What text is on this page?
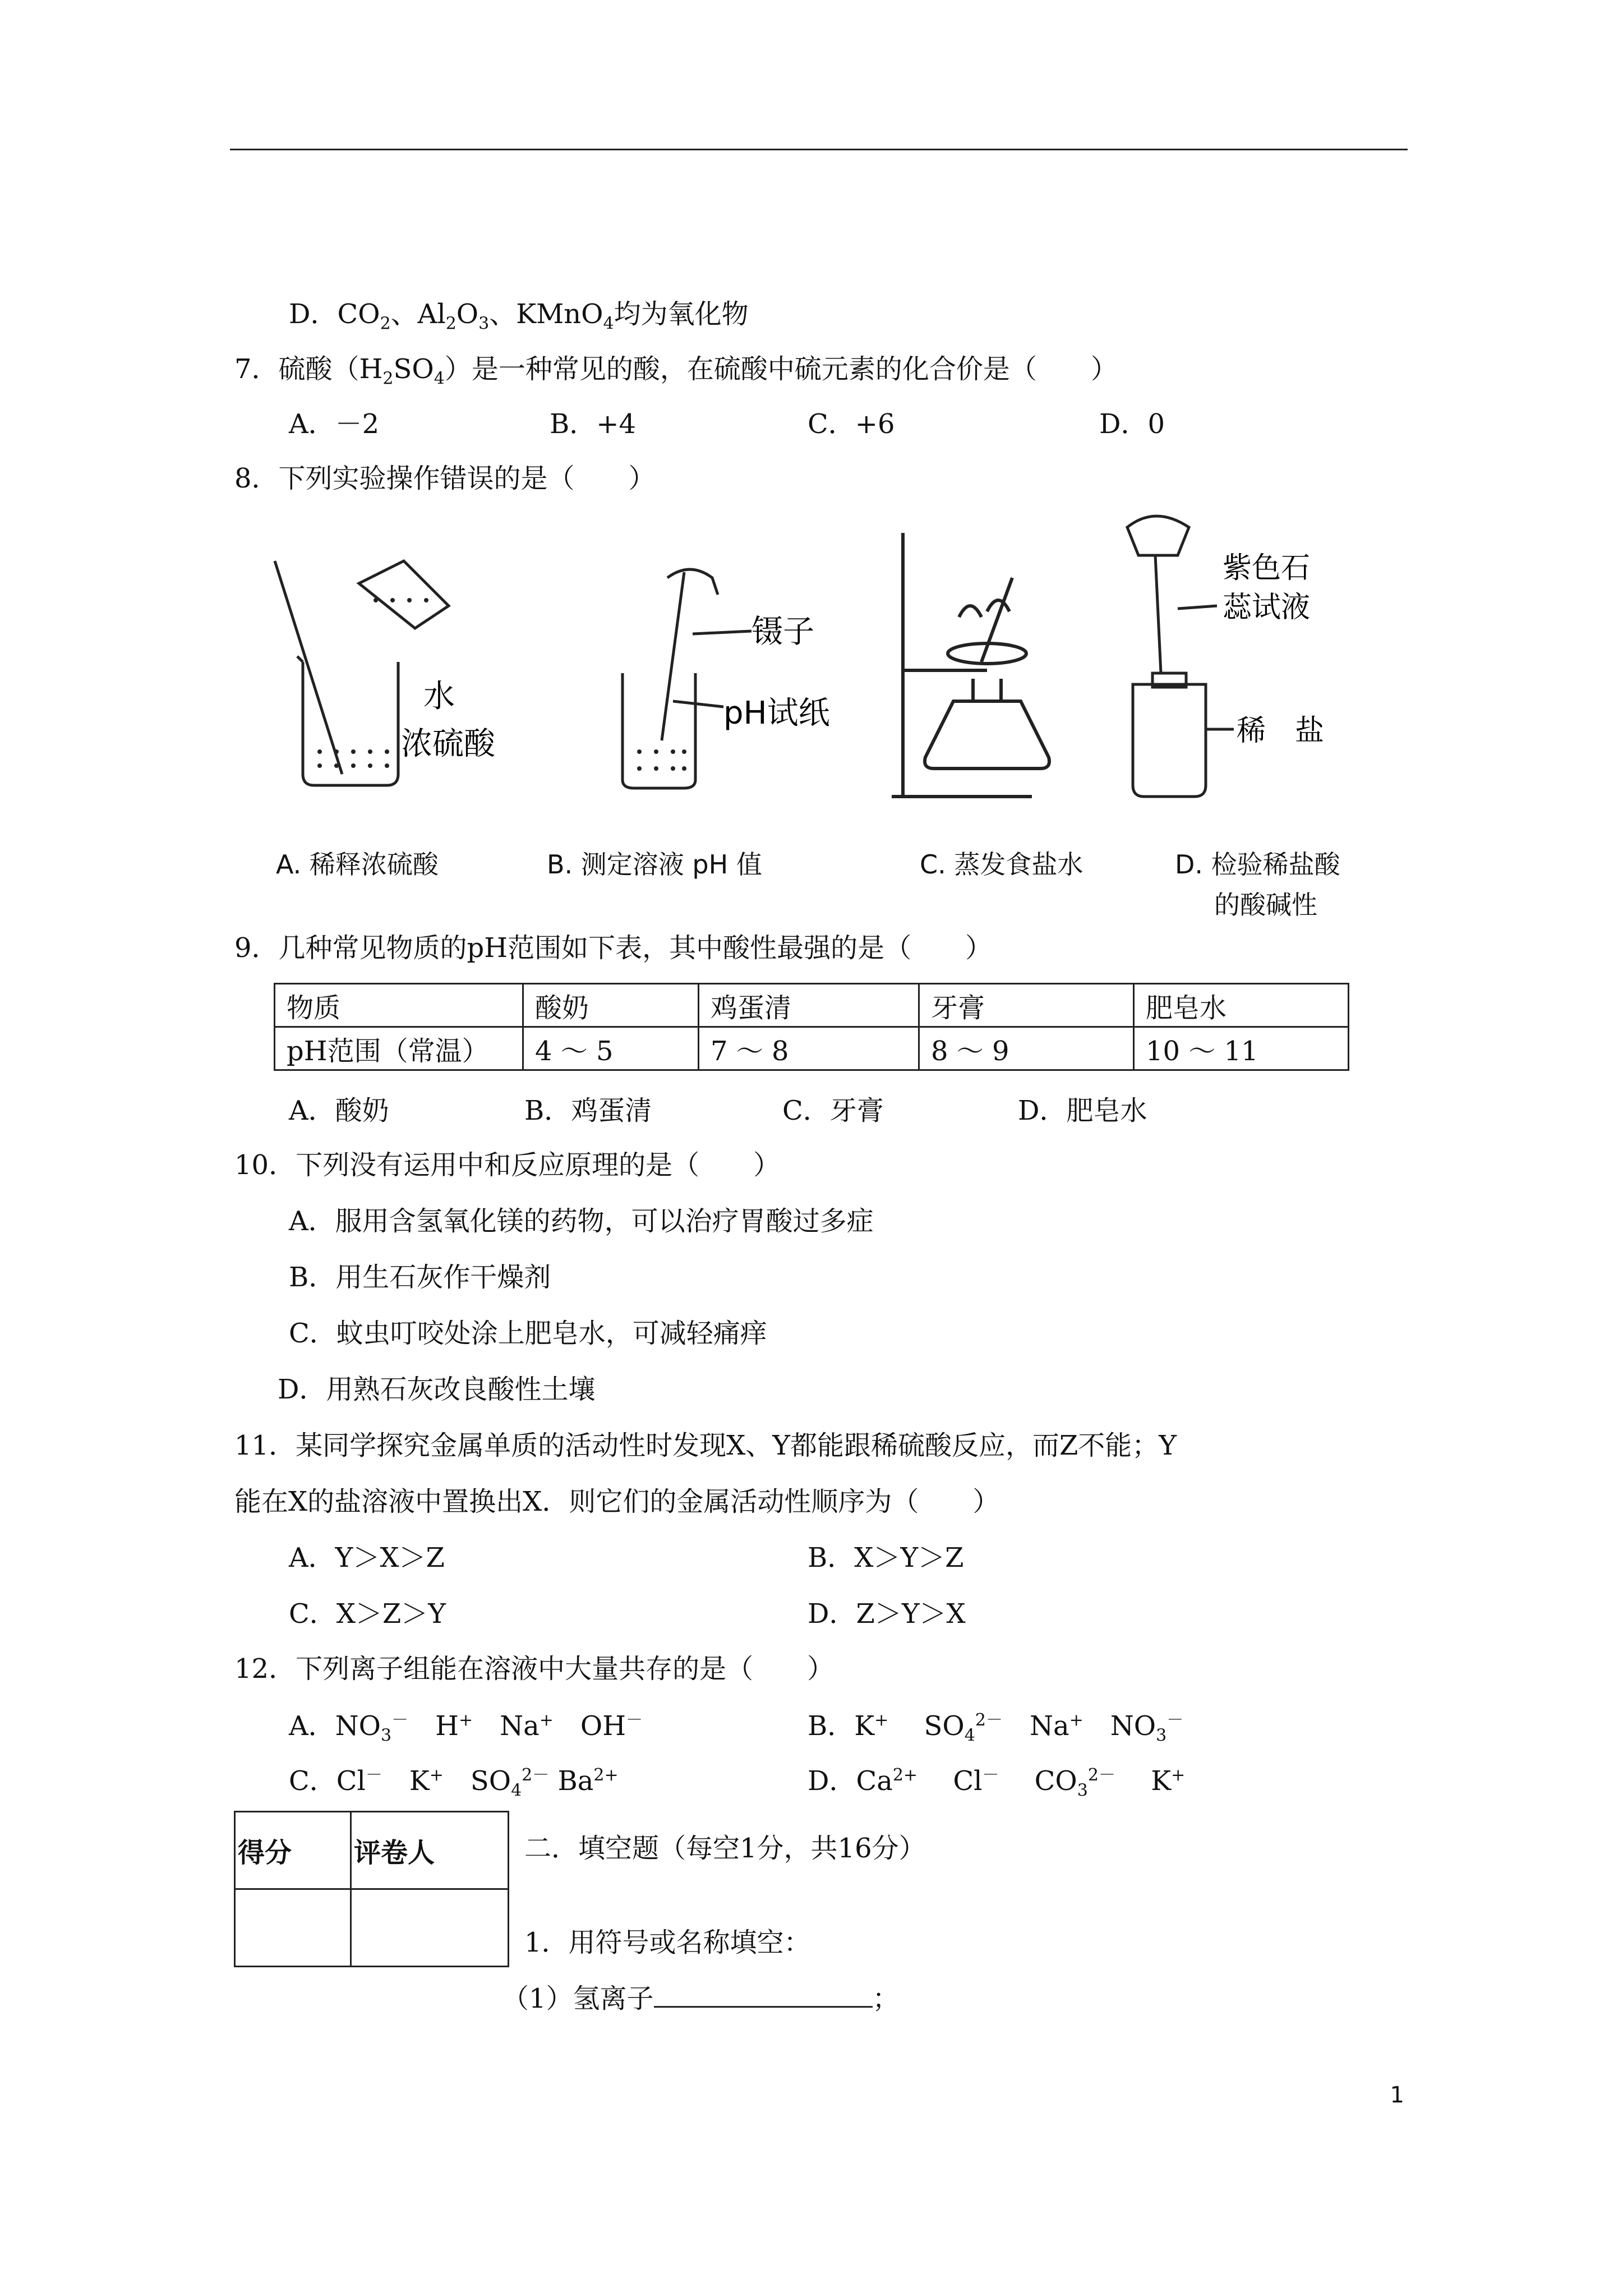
D．$CO_2$、$Al_2O_3$、KMnO$_4$均为氧化物
7．硫酸$(H_2SO_4)$是一种常见的酸，在硫酸中硫元素的化合价是（　　）
A．－2	B．+4	C．+6	D．0
8．下列实验操作错误的是（　　）
水
浓硫酸
镊子
pH试纸
紫色石
蕊试液
稀　盐
A. 稀释浓硫酸	B. 测定溶液 pH 值	C. 蒸发食盐水	D. 检验稀盐酸
的酸碱性
9．几种常见物质的pH范围如下表，其中酸性最强的是（　　）
物质	酸奶	鸡蛋清	牙膏	肥皂水
pH范围（常温）	4 ～ 5	7 ～ 8	8 ～ 9	10 ～ 11
A．酸奶	B．鸡蛋清	C．牙膏	D．肥皂水
10．下列没有运用中和反应原理的是（　　）
A．服用含氢氧化镁的药物，可以治疗胃酸过多症
B．用生石灰作干燥剂
C．蚊虫叮咬处涂上肥皂水，可减轻痛痒
D．用熟石灰改良酸性土壤
11．某同学探究金属单质的活动性时发现X、Y都能跟稀硫酸反应，而Z不能；Y
能在X的盐溶液中置换出X．则它们的金属活动性顺序为（　　）
A．Y＞X＞Z	B．X＞Y＞Z
C．X＞Z＞Y	D．Z＞Y＞X
12．下列离子组能在溶液中大量共存的是（　　）
A．$NO_3^-$　H+　Na+　OH－	B．K+　 $SO_4^{2-}$　Na+　$NO_3^-$
C．Cl－　K+　$SO_4^{2-}$ $Ba^{2+}$	D．$Ca^{2+}$　 Cl－　 $CO_3^{2-}$　 K+
得分	评卷人
		二．填空题（每空1分，共16分）
1．用符号或名称填空：
（1）氢离子	；
1
